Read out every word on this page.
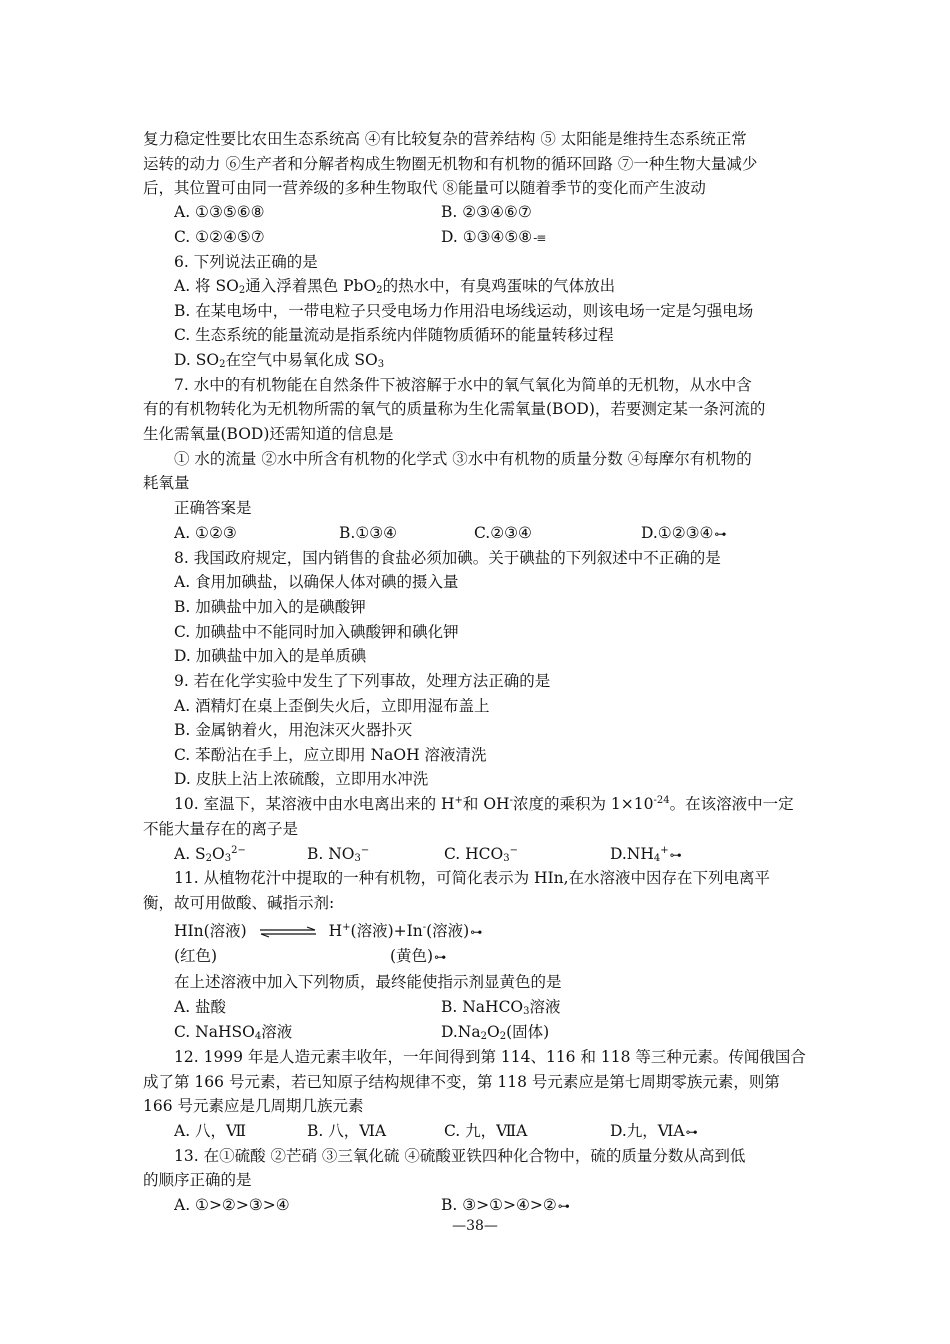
复力稳定性要比农田生态系统高 ④有比较复杂的营养结构 ⑤ 太阳能是维持生态系统正常
运转的动力 ⑥生产者和分解者构成生物圈无机物和有机物的循环回路 ⑦一种生物大量减少
后，其位置可由同一营养级的多种生物取代 ⑧能量可以随着季节的变化而产生波动
A. ①③⑤⑥⑧	B. ②③④⑥⑦
C. ①②④⑤⑦	D. ①③④⑤⑧-≡
6. 下列说法正确的是
A. 将 $SO_2$通入浮着黑色 PbO$_2$的热水中，有臭鸡蛋味的气体放出
B. 在某电场中，一带电粒子只受电场力作用沿电场线运动，则该电场一定是匀强电场
C. 生态系统的能量流动是指系统内伴随物质循环的能量转移过程
D. $SO_2$在空气中易氧化成 $SO_3$
7. 水中的有机物能在自然条件下被溶解于水中的氧气氧化为简单的无机物，从水中含
有的有机物转化为无机物所需的氧气的质量称为生化需氧量(BOD)，若要测定某一条河流的
生化需氧量(BOD)还需知道的信息是
① 水的流量 ②水中所含有机物的化学式 ③水中有机物的质量分数 ④每摩尔有机物的
耗氧量
正确答案是
A. ①②③	B.①③④	C.②③④	D.①②③④⊶
8. 我国政府规定，国内销售的食盐必须加碘。关于碘盐的下列叙述中不正确的是
A. 食用加碘盐，以确保人体对碘的摄入量
B. 加碘盐中加入的是碘酸钾
C. 加碘盐中不能同时加入碘酸钾和碘化钾
D. 加碘盐中加入的是单质碘
9. 若在化学实验中发生了下列事故，处理方法正确的是
A. 酒精灯在桌上歪倒失火后，立即用湿布盖上
B. 金属钠着火，用泡沫灭火器扑灭
C. 苯酚沾在手上，应立即用 NaOH 溶液清洗
D. 皮肤上沾上浓硫酸，立即用水冲洗
10. 室温下，某溶液中由水电离出来的 H+和 OH-浓度的乘积为 $1\times 10^{-24}$。在该溶液中一定
不能大量存在的离子是
A. $S_2O_3^{2-}$	B. $NO_3^-$	C. $HCO_3^-$	$D.NH_4^+⊶$
11. 从植物花汁中提取的一种有机物，可简化表示为 HIn,在水溶液中因存在下列电离平
衡，故可用做酸、碱指示剂:
HIn(溶液) ⇌ H+(溶液)+In-(溶液)⊶
(红色)	(黄色)⊶
在上述溶液中加入下列物质，最终能使指示剂显黄色的是
A. 盐酸	B. NaHCO$_3$溶液
C. NaHSO$_4$溶液	$D.Na_2O_2$(固体)
12. 1999 年是人造元素丰收年，一年间得到第 114、116 和 118 等三种元素。传闻俄国合
成了第 166 号元素，若已知原子结构规律不变，第 118 号元素应是第七周期零族元素，则第
166 号元素应是几周期几族元素
A. 八，Ⅶ	B. 八，ⅥA	C. 九，ⅦA	D.九，ⅥA⊶
13. 在①硫酸 ②芒硝 ③三氧化硫 ④硫酸亚铁四种化合物中，硫的质量分数从高到低
的顺序正确的是
A. ①>②>③>④	B. ③>①>④>②⊶
—38—
